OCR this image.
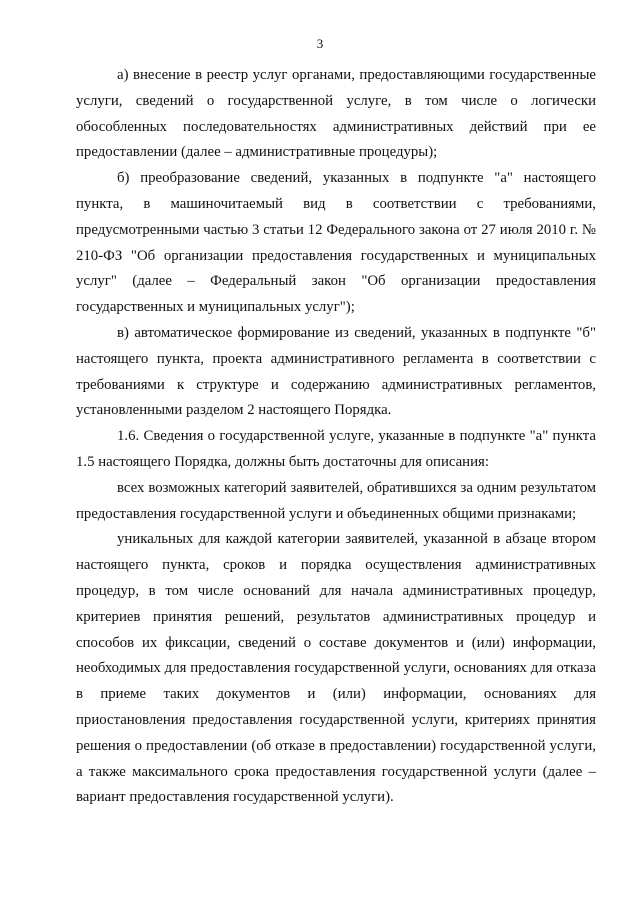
3

а) внесение в реестр услуг органами, предоставляющими государственные услуги, сведений о государственной услуге, в том числе о логически обособленных последовательностях административных действий при ее предоставлении (далее – административные процедуры);

б) преобразование сведений, указанных в подпункте "а" настоящего пункта, в машиночитаемый вид в соответствии с требованиями, предусмотренными частью 3 статьи 12 Федерального закона от 27 июля 2010 г. № 210-ФЗ "Об организации предоставления государственных и муниципальных услуг" (далее – Федеральный закон "Об организации предоставления государственных и муниципальных услуг");

в) автоматическое формирование из сведений, указанных в подпункте "б" настоящего пункта, проекта административного регламента в соответствии с требованиями к структуре и содержанию административных регламентов, установленными разделом 2 настоящего Порядка.

1.6. Сведения о государственной услуге, указанные в подпункте "а" пункта 1.5 настоящего Порядка, должны быть достаточны для описания:

всех возможных категорий заявителей, обратившихся за одним результатом предоставления государственной услуги и объединенных общими признаками;

уникальных для каждой категории заявителей, указанной в абзаце втором настоящего пункта, сроков и порядка осуществления административных процедур, в том числе оснований для начала административных процедур, критериев принятия решений, результатов административных процедур и способов их фиксации, сведений о составе документов и (или) информации, необходимых для предоставления государственной услуги, основаниях для отказа в приеме таких документов и (или) информации, основаниях для приостановления предоставления государственной услуги, критериях принятия решения о предоставлении (об отказе в предоставлении) государственной услуги, а также максимального срока предоставления государственной услуги (далее – вариант предоставления государственной услуги).
